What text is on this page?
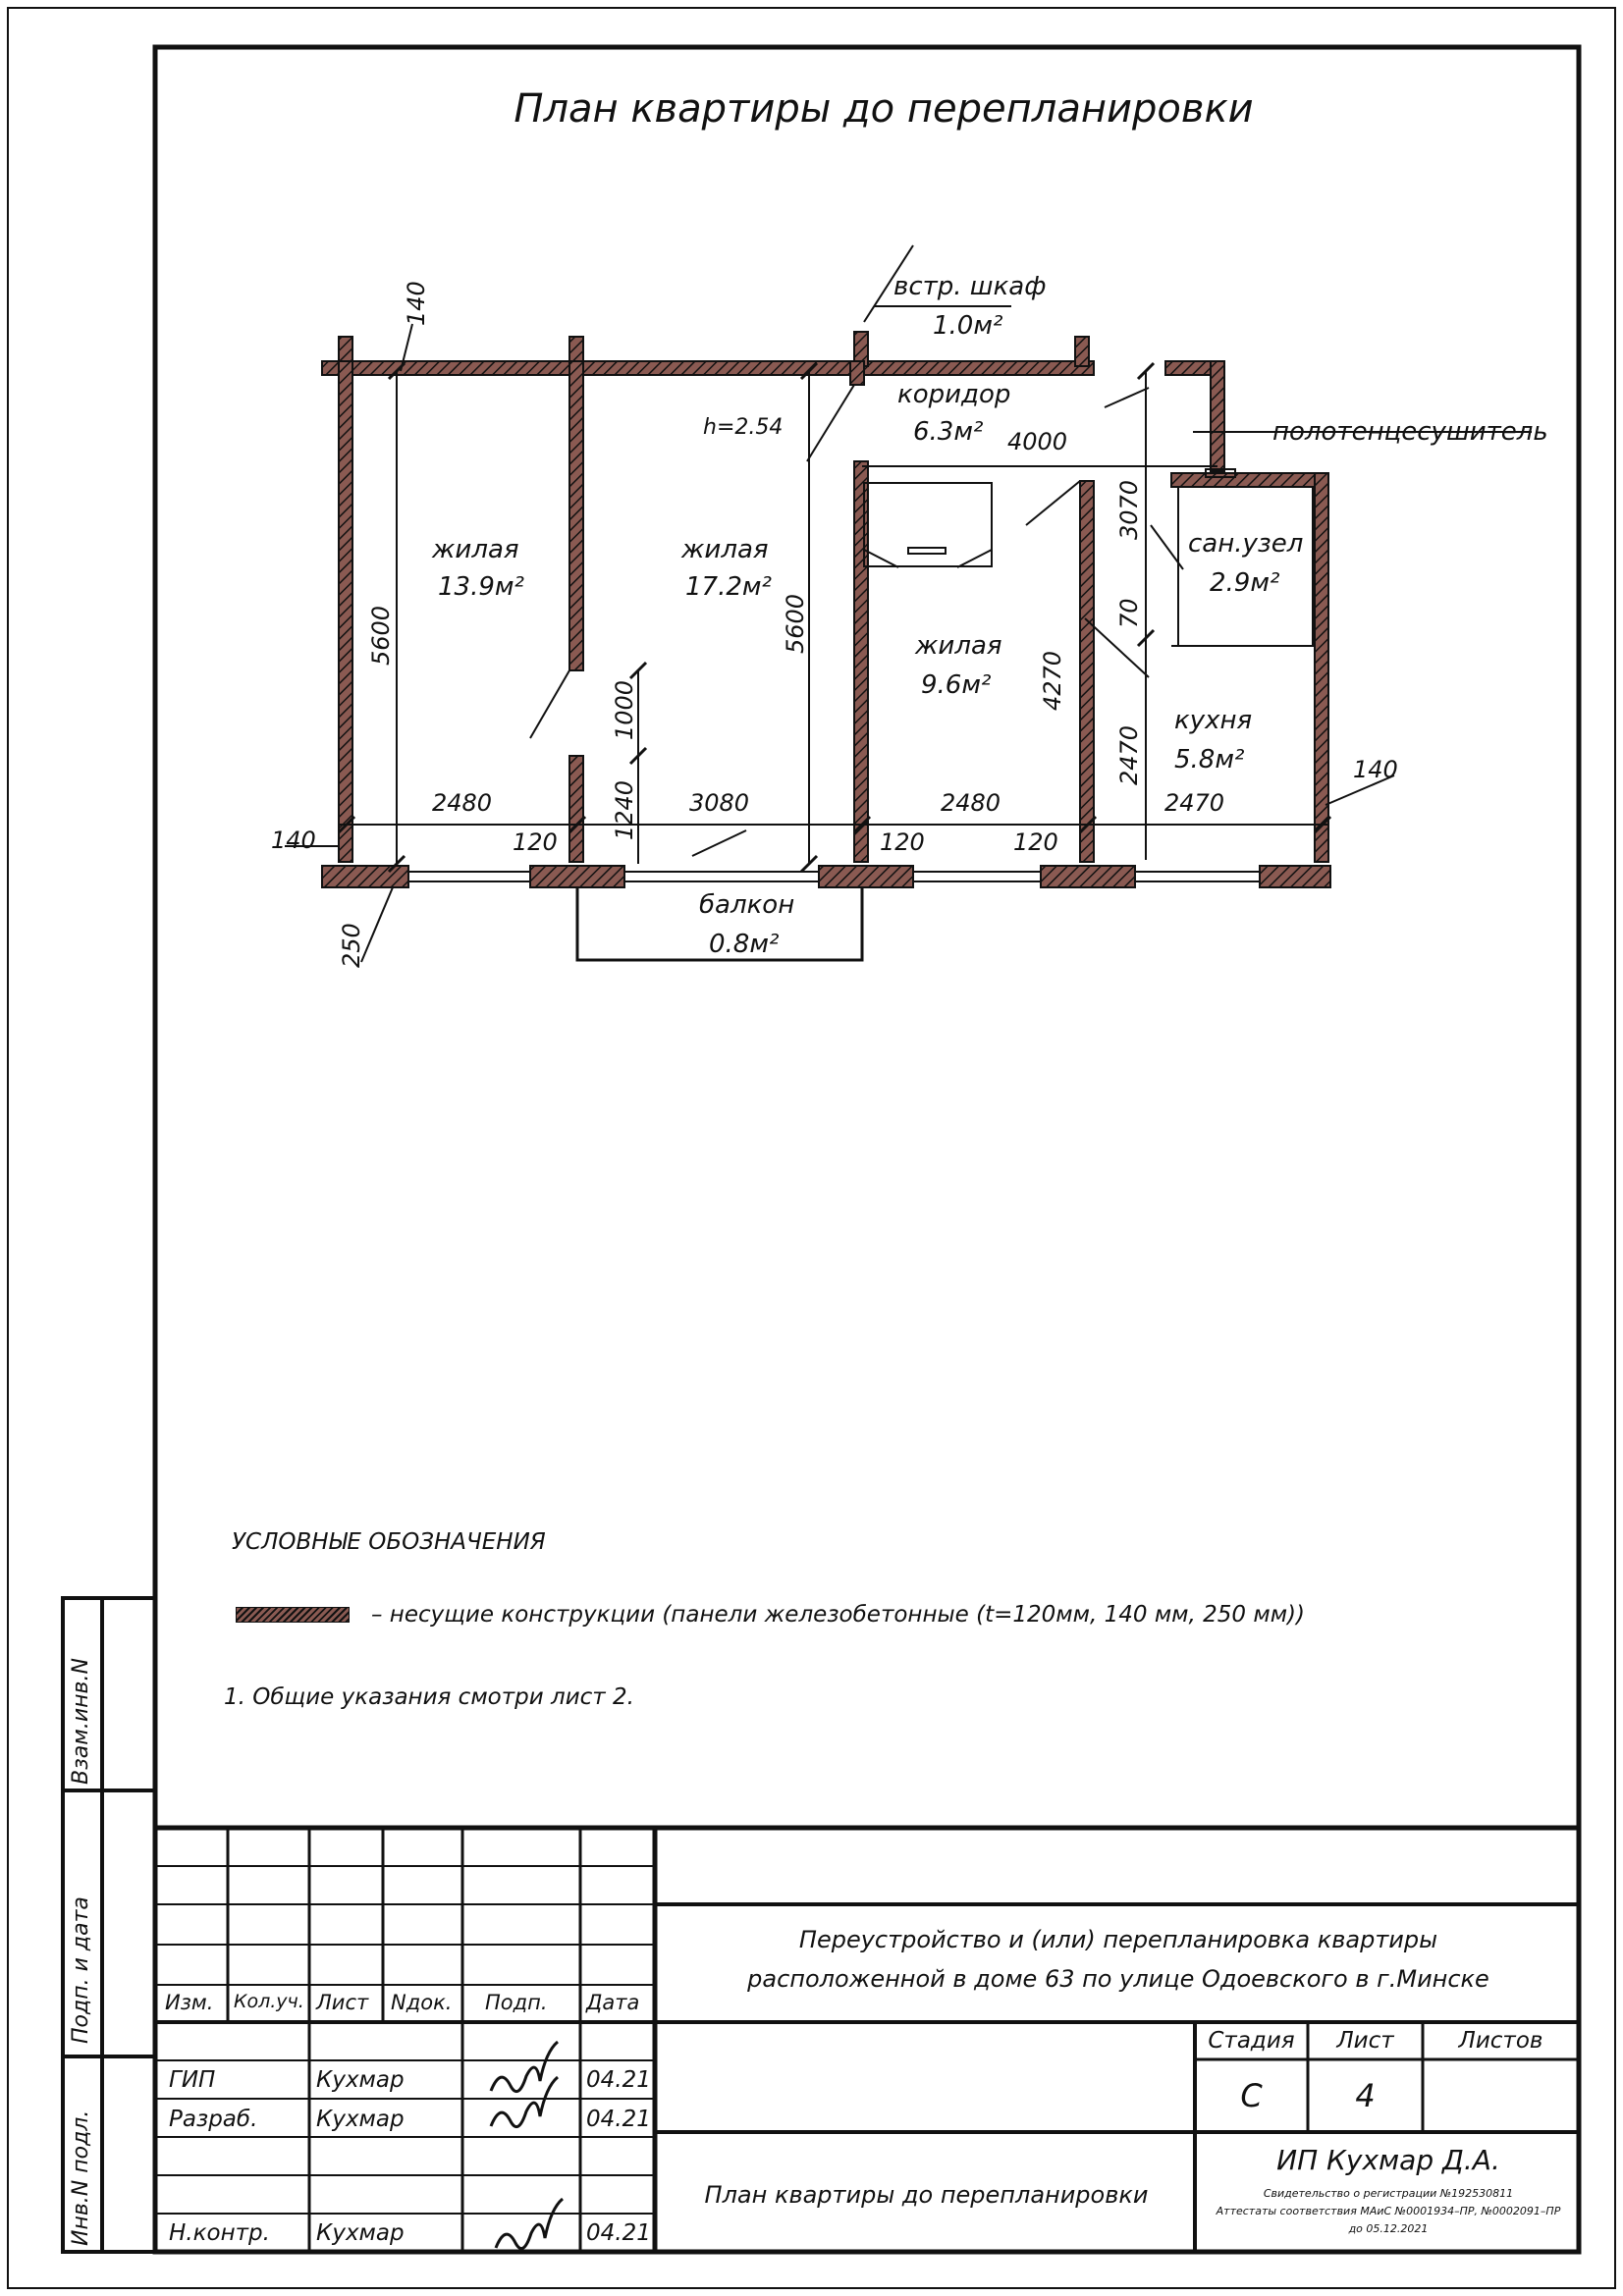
План квартиры до перепланировки
жилая
13.9м²
жилая
17.2м²
жилая
9.6м²
коридор
6.3м²
встр. шкаф
1.0м²
сан.узел
2.9м²
кухня
5.8м²
балкон
0.8м²
h=2.54	полотенцесушитель
140
5600	5600
4000
3070
70
4270
2470
1000
1240
2480	3080	2480	2470
140
140	120	120	120
250
УСЛОВНЫЕ ОБОЗНАЧЕНИЯ
– несущие конструкции (панели железобетонные (t=120мм, 140 мм, 250 мм))
1. Общие указания смотри лист 2.
Взам.инв.N
Подп. и дата
Инв.N подл.
Изм. Кол.уч. Лист Nдок. Подп. Дата
ГИП	Кухмар	04.21
Разраб.	Кухмар	04.21
Н.контр. Кухмар	04.21
Переустройство и (или) перепланировка квартиры
расположенной в доме 63 по улице Одоевского в г.Минске
Стадия	Лист	Листов
С	4
План квартиры до перепланировки
ИП Кухмар Д.А.
Свидетельство о регистрации №192530811
Аттестаты соответствия МАиС №0001934–ПР, №0002091–ПР
до 05.12.2021
